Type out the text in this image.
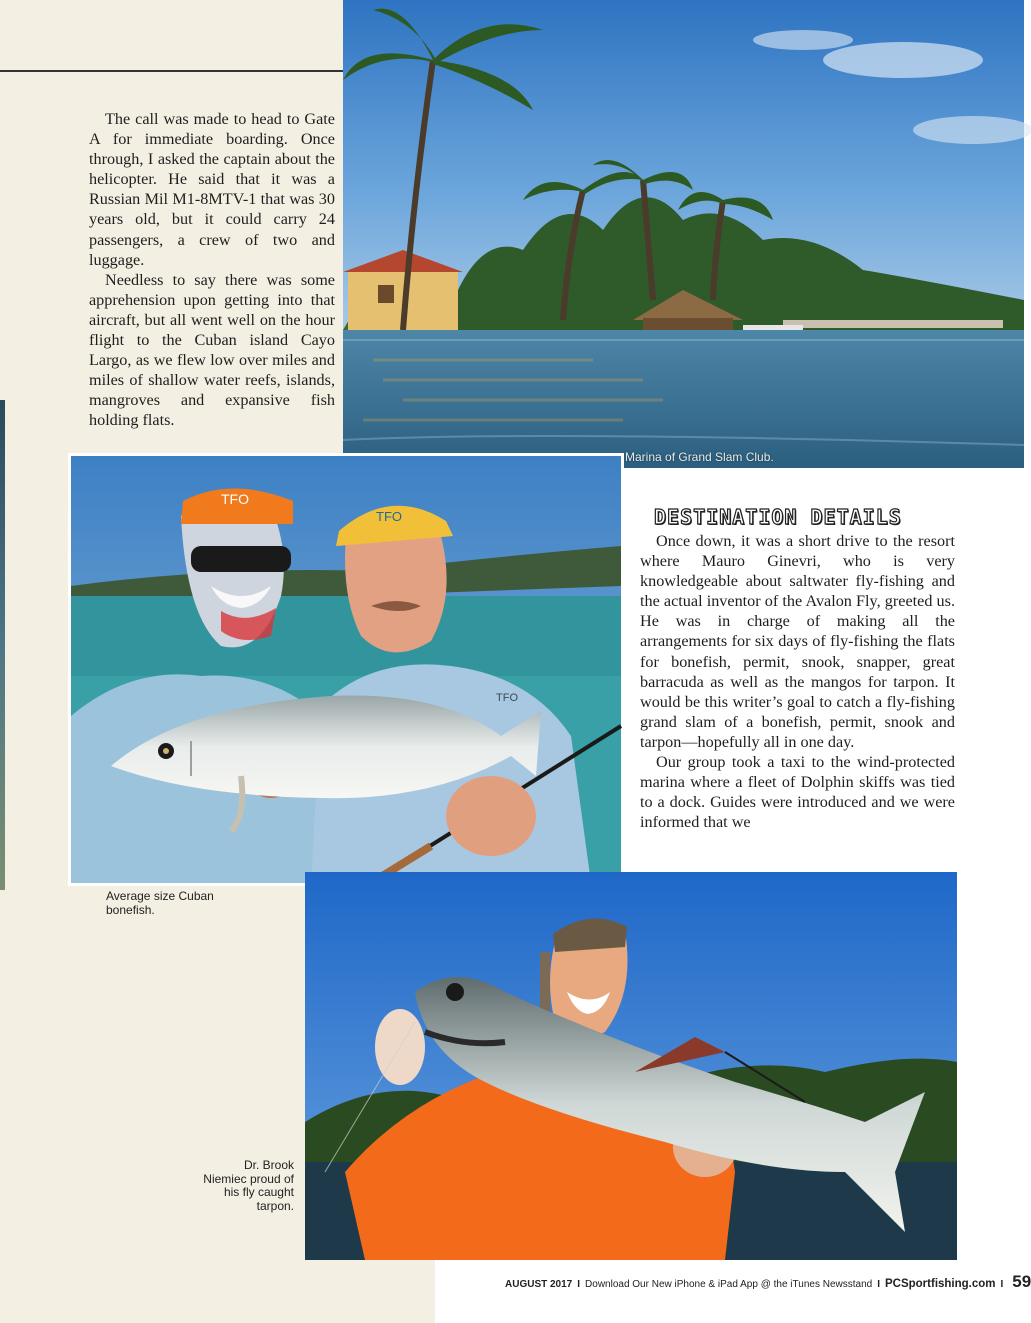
Marina of Grand Slam Club.

The call was made to head to Gate A for immediate boarding. Once through, I asked the captain about the helicopter. He said that it was a Russian Mil M1-8MTV-1 that was 30 years old, but it could carry 24 passengers, a crew of two and luggage.

Needless to say there was some apprehension upon getting into that aircraft, but all went well on the hour flight to the Cuban island Cayo Largo, as we flew low over miles and miles of shallow water reefs, islands, mangroves and expansive fish holding flats.

TFO
TFO
TFO
Average size Cuban bonefish.
DESTINATION DETAILS

Once down, it was a short drive to the resort where Mauro Ginevri, who is very knowledgeable about saltwater fly-fishing and the actual inventor of the Avalon Fly, greeted us. He was in charge of making all the arrangements for six days of fly-fishing the flats for bonefish, permit, snook, snapper, great barracuda as well as the mangos for tarpon. It would be this writer’s goal to catch a fly-fishing grand slam of a bonefish, permit, snook and tarpon—hopefully all in one day.

Our group took a taxi to the wind-protected marina where a fleet of Dolphin skiffs was tied to a dock. Guides were introduced and we were informed that we

Dr. Brook Niemiec proud of his fly caught tarpon.
AUGUST 2017 I Download Our New iPhone & iPad App @ the iTunes Newsstand I PCSportfishing.com I 59
